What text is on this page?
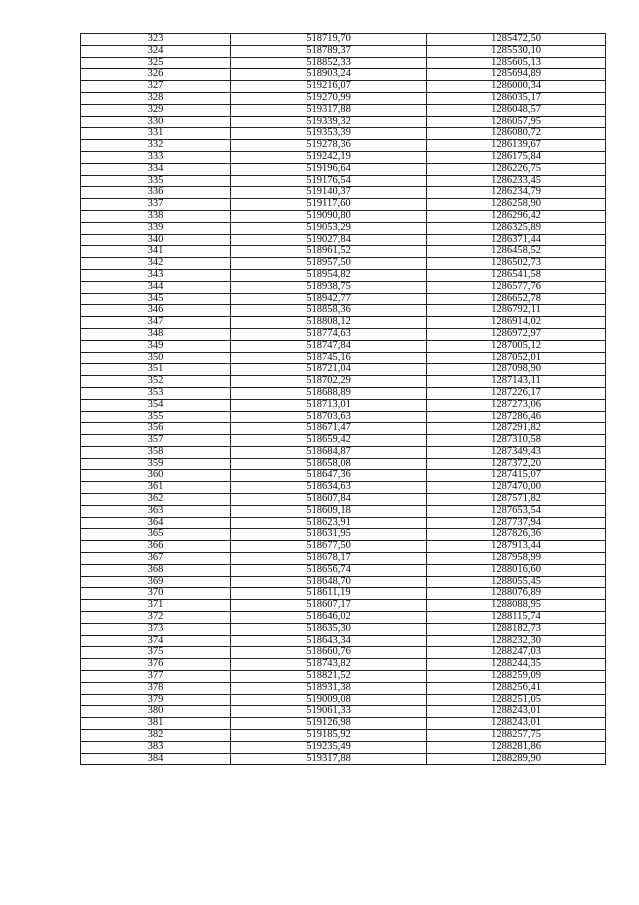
323	518719,70	1285472,50
324	518789,37	1285530,10
325	518852,33	1285605,13
326	518903,24	1285694,89
327	519216,07	1286000,34
328	519270,99	1286035,17
329	519317,88	1286048,57
330	519339,32	1286057,95
331	519353,39	1286080,72
332	519278,36	1286139,67
333	519242,19	1286175,84
334	519196,64	1286226,75
335	519176,54	1286233,45
336	519140,37	1286234,79
337	519117,60	1286258,90
338	519090,80	1286296,42
339	519053,29	1286325,89
340	519027,84	1286371,44
341	518961,52	1286458,52
342	518957,50	1286502,73
343	518954,82	1286541,58
344	518938,75	1286577,76
345	518942,77	1286652,78
346	518858,36	1286792,11
347	518808,12	1286914,02
348	518774,63	1286972,97
349	518747,84	1287005,12
350	518745,16	1287052,01
351	518721,04	1287098,90
352	518702,29	1287143,11
353	518688,89	1287226,17
354	518713,01	1287273,06
355	518703,63	1287286,46
356	518671,47	1287291,82
357	518659,42	1287310,58
358	518684,87	1287349,43
359	518658,08	1287372,20
360	518647,36	1287415,07
361	518634,63	1287470,00
362	518607,84	1287571,82
363	518609,18	1287653,54
364	518623,91	1287737,94
365	518631,95	1287826,36
366	518677,50	1287913,44
367	518678,17	1287958,99
368	518656,74	1288016,60
369	518648,70	1288055,45
370	518611,19	1288076,89
371	518607,17	1288088,95
372	518646,02	1288115,74
373	518635,30	1288182,73
374	518643,34	1288232,30
375	518660,76	1288247,03
376	518743,82	1288244,35
377	518821,52	1288259,09
378	518931,38	1288256,41
379	519009,08	1288251,05
380	519061,33	1288243,01
381	519126,98	1288243,01
382	519185,92	1288257,75
383	519235,49	1288281,86
384	519317,88	1288289,90
